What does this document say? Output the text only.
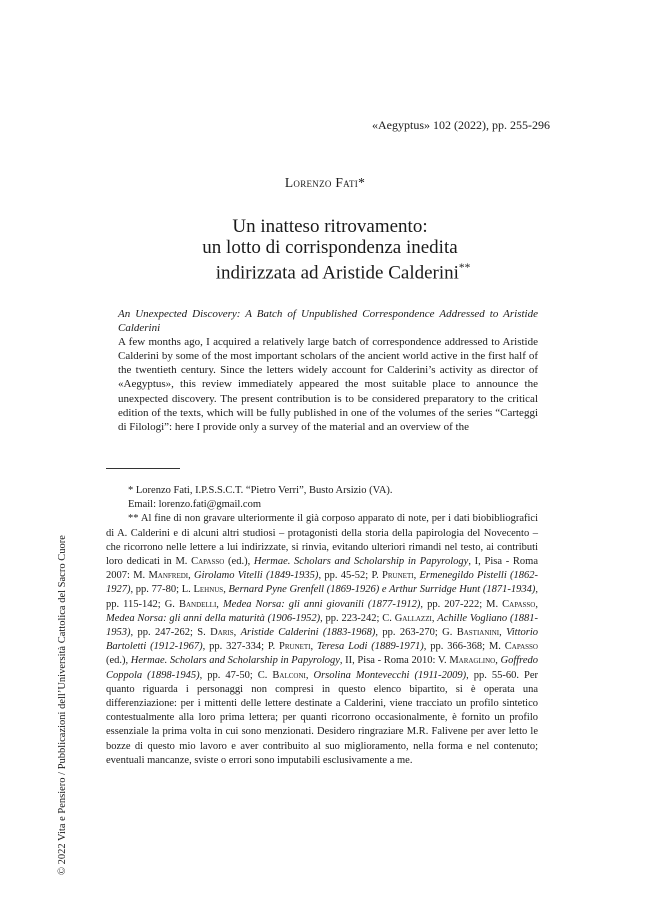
«Aegyptus» 102 (2022), pp. 255-296
Lorenzo Fati*
Un inatteso ritrovamento:
un lotto di corrispondenza inedita
indirizzata ad Aristide Calderini**
An Unexpected Discovery: A Batch of Unpublished Correspondence Addressed to Aristide Calderini
A few months ago, I acquired a relatively large batch of correspondence addressed to Aristide Calderini by some of the most important scholars of the ancient world active in the first half of the twentieth century. Since the letters widely account for Calderini’s activity as director of «Aegyptus», this review immediately appeared the most suitable place to announce the unexpected discovery. The present contribution is to be considered preparatory to the critical edition of the texts, which will be fully published in one of the volumes of the series “Carteggi di Filologi”: here I provide only a survey of the material and an overview of the
© 2022 Vita e Pensiero / Pubblicazioni dell’Università Cattolica del Sacro Cuore

* Lorenzo Fati, I.P.S.S.C.T. “Pietro Verri”, Busto Arsizio (VA).

Email: lorenzo.fati@gmail.com

** Al fine di non gravare ulteriormente il già corposo apparato di note, per i dati biobibliografici di A. Calderini e di alcuni altri studiosi – protagonisti della storia della papirologia del Novecento – che ricorrono nelle lettere a lui indirizzate, si rinvia, evitando ulteriori rimandi nel testo, ai contributi loro dedicati in M. Capasso (ed.), Hermae. Scholars and Scholarship in Papyrology, I, Pisa - Roma 2007: M. Manfredi, Girolamo Vitelli (1849-1935), pp. 45-52; P. Pruneti, Ermenegildo Pistelli (1862-1927), pp. 77-80; L. Lehnus, Bernard Pyne Grenfell (1869-1926) e Arthur Surridge Hunt (1871-1934), pp. 115-142; G. Bandelli, Medea Norsa: gli anni giovanili (1877-1912), pp. 207-222; M. Capasso, Medea Norsa: gli anni della maturità (1906-1952), pp. 223-242; C. Gallazzi, Achille Vogliano (1881-1953), pp. 247-262; S. Daris, Aristide Calderini (1883-1968), pp. 263-270; G. Bastianini, Vittorio Bartoletti (1912-1967), pp. 327-334; P. Pruneti, Teresa Lodi (1889-1971), pp. 366-368; M. Capasso (ed.), Hermae. Scholars and Scholarship in Papyrology, II, Pisa - Roma 2010: V. Maraglino, Goffredo Coppola (1898-1945), pp. 47-50; C. Balconi, Orsolina Montevecchi (1911-2009), pp. 55-60. Per quanto riguarda i personaggi non compresi in questo elenco bipartito, si è operata una differenziazione: per i mittenti delle lettere destinate a Calderini, viene tracciato un profilo sintetico contestualmente alla loro prima lettera; per quanti ricorrono occasionalmente, è fornito un profilo essenziale la prima volta in cui sono menzionati. Desidero ringraziare M.R. Falivene per aver letto le bozze di questo mio lavoro e aver contribuito al suo miglioramento, nella forma e nel contenuto; eventuali mancanze, sviste o errori sono imputabili esclusivamente a me.
